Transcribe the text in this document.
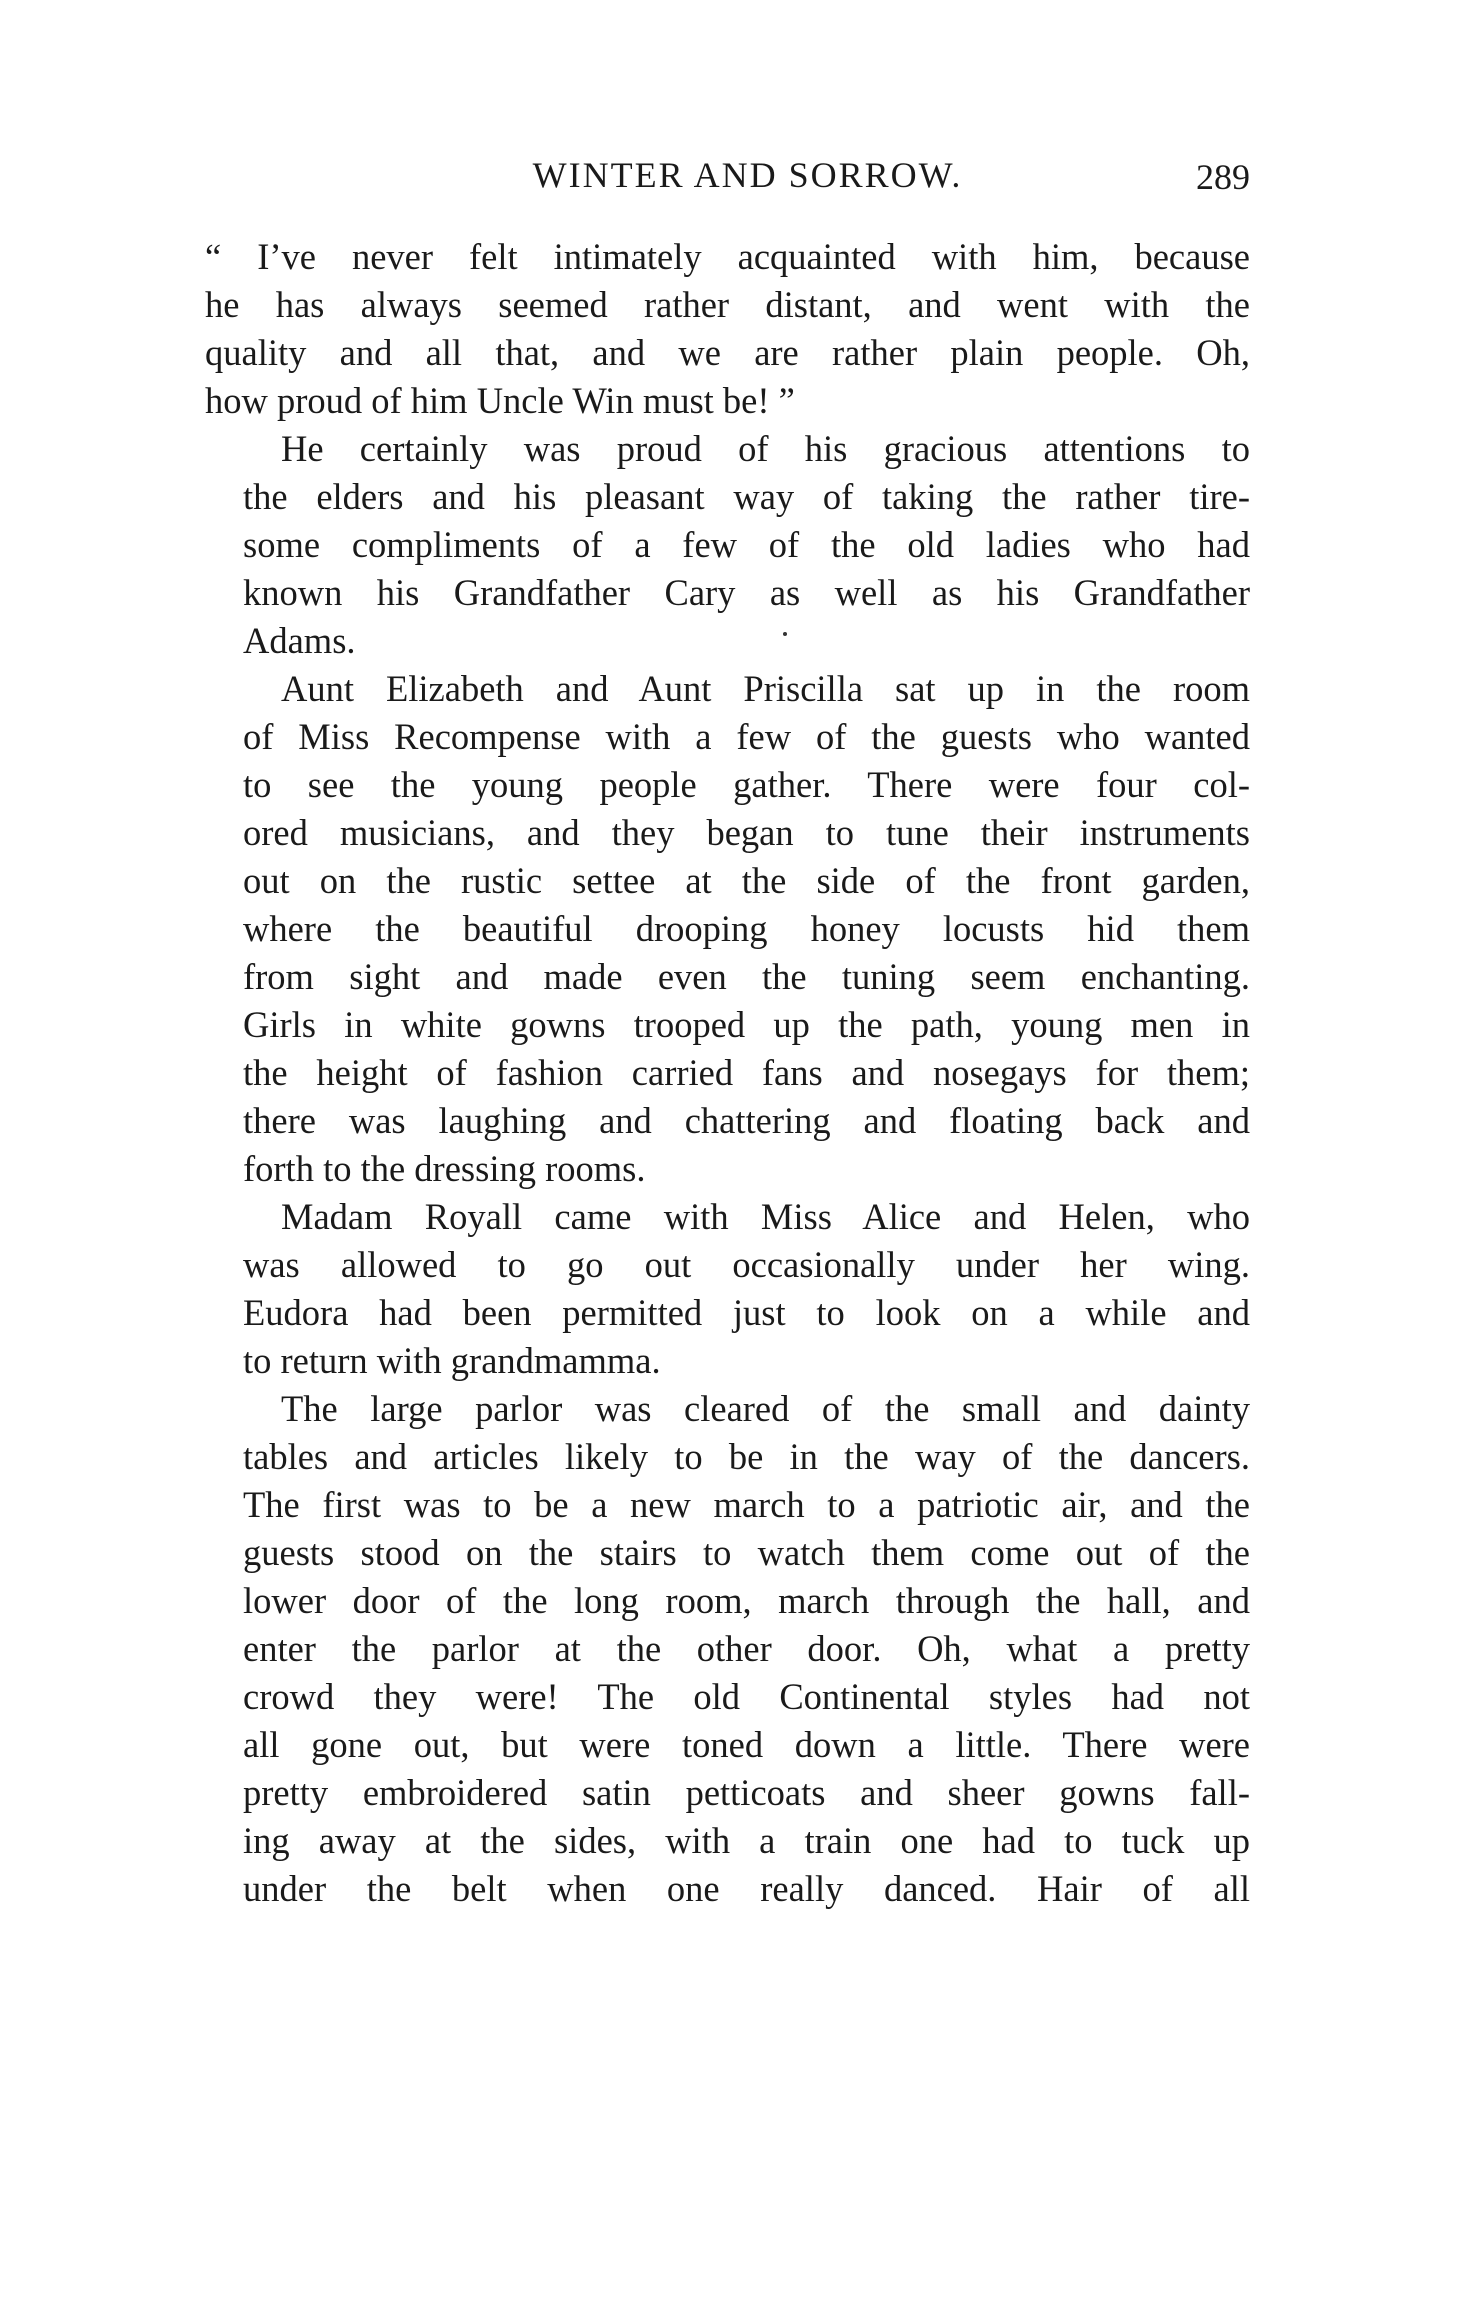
WINTER AND SORROW.	289
“ I’ve never felt intimately acquainted with him, because
he has always seemed rather distant, and went with the
quality and all that, and we are rather plain people. Oh,
how proud of him Uncle Win must be! ”
He certainly was proud of his gracious attentions to
the elders and his pleasant way of taking the rather tire-
some compliments of a few of the old ladies who had
known his Grandfather Cary as well as his Grandfather
Adams.
Aunt Elizabeth and Aunt Priscilla sat up in the room
of Miss Recompense with a few of the guests who wanted
to see the young people gather. There were four col-
ored musicians, and they began to tune their instruments
out on the rustic settee at the side of the front garden,
where the beautiful drooping honey locusts hid them
from sight and made even the tuning seem enchanting.
Girls in white gowns trooped up the path, young men in
the height of fashion carried fans and nosegays for them;
there was laughing and chattering and floating back and
forth to the dressing rooms.
Madam Royall came with Miss Alice and Helen, who
was allowed to go out occasionally under her wing.
Eudora had been permitted just to look on a while and
to return with grandmamma.
The large parlor was cleared of the small and dainty
tables and articles likely to be in the way of the dancers.
The first was to be a new march to a patriotic air, and the
guests stood on the stairs to watch them come out of the
lower door of the long room, march through the hall, and
enter the parlor at the other door. Oh, what a pretty
crowd they were! The old Continental styles had not
all gone out, but were toned down a little. There were
pretty embroidered satin petticoats and sheer gowns fall-
ing away at the sides, with a train one had to tuck up
under the belt when one really danced. Hair of all
